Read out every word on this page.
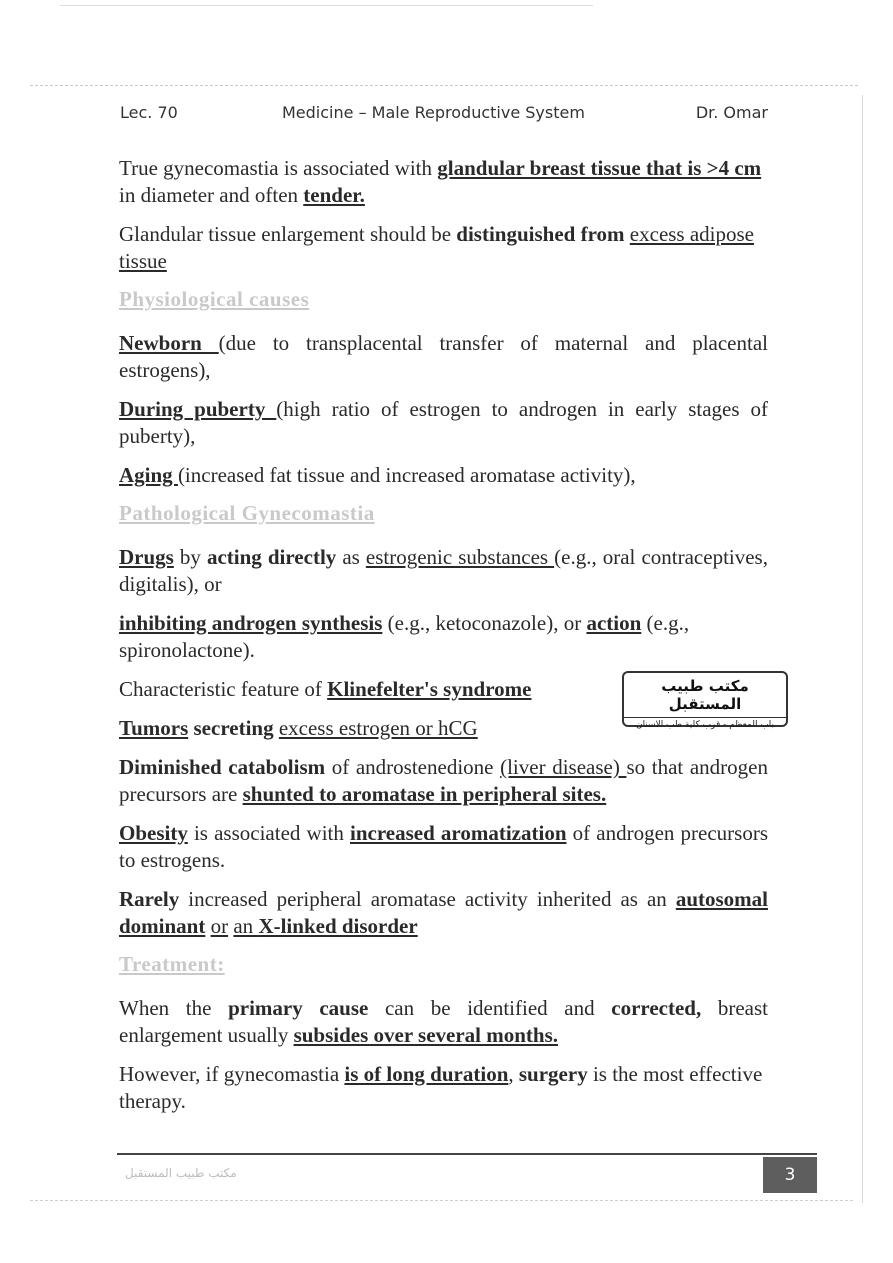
Lec. 70	Medicine – Male Reproductive System	Dr. Omar

True gynecomastia is associated with glandular breast tissue that is >4 cm in diameter and often tender.

Glandular tissue enlargement should be distinguished from excess adipose tissue

Physiological causes

Newborn (due to transplacental transfer of maternal and placental estrogens),

During puberty (high ratio of estrogen to androgen in early stages of puberty),

Aging (increased fat tissue and increased aromatase activity),

Pathological Gynecomastia

Drugs by acting directly as estrogenic substances (e.g., oral contraceptives, digitalis), or

inhibiting androgen synthesis (e.g., ketoconazole), or action (e.g., spironolactone).

Characteristic feature of Klinefelter's syndrome

Tumors secreting excess estrogen or hCG

Diminished catabolism of androstenedione (liver disease) so that androgen precursors are shunted to aromatase in peripheral sites.

Obesity is associated with increased aromatization of androgen precursors to estrogens.

Rarely increased peripheral aromatase activity inherited as an autosomal dominant or an X-linked disorder

Treatment:

When the primary cause can be identified and corrected, breast enlargement usually subsides over several months.

However, if gynecomastia is of long duration, surgery is the most effective therapy.

مكتب طبيب المستقبل
باب المعظم - قرب كلية طب الاسنان
مكتب طبيب المستقبل	3
